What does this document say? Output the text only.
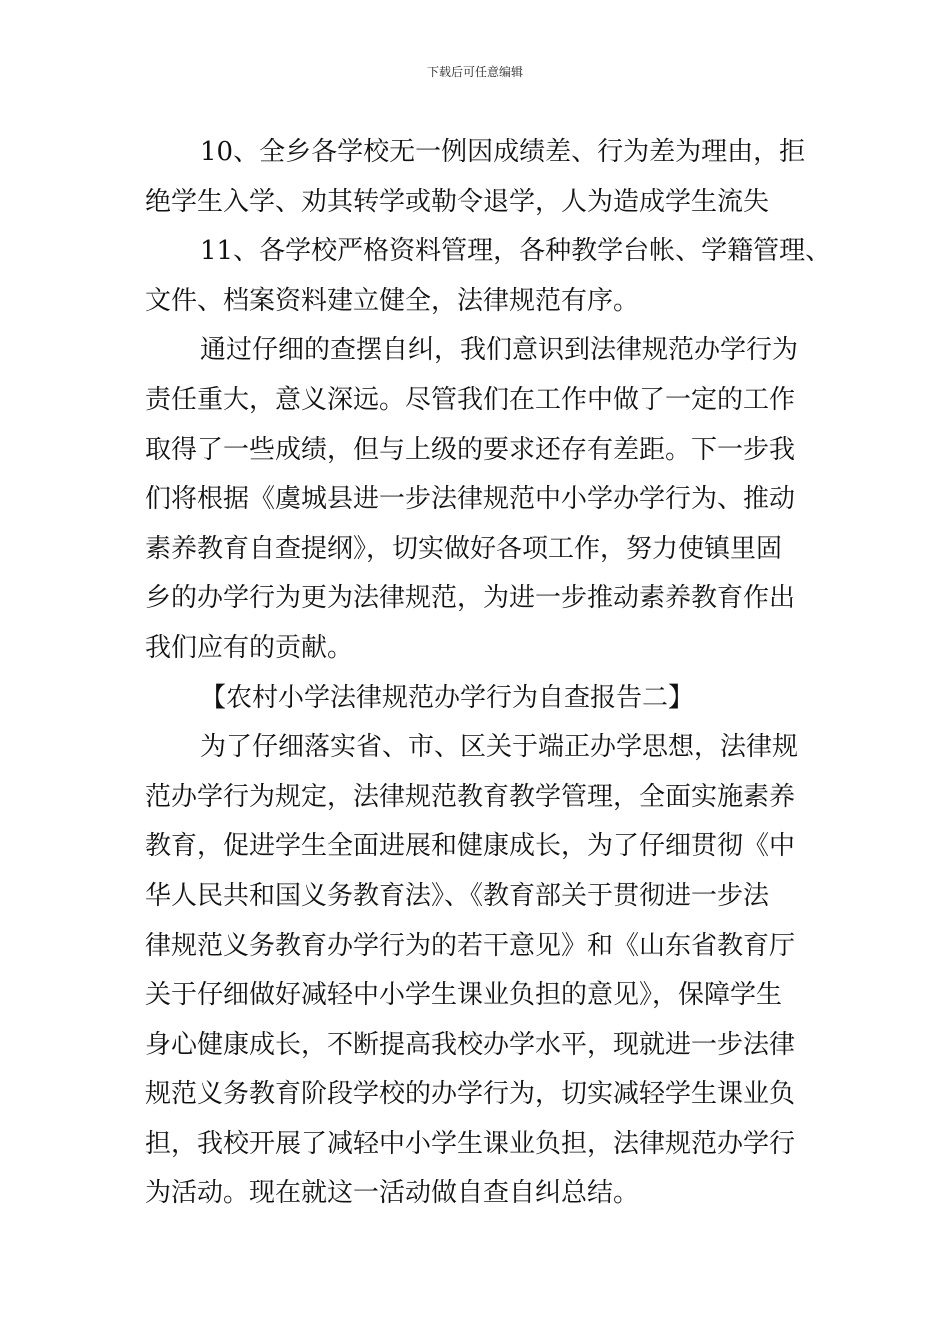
下载后可任意编辑
10、全乡各学校无一例因成绩差、行为差为理由，拒
绝学生入学、劝其转学或勒令退学，人为造成学生流失
11、各学校严格资料管理，各种教学台帐、学籍管理、
文件、档案资料建立健全，法律规范有序。
通过仔细的查摆自纠，我们意识到法律规范办学行为
责任重大，意义深远。尽管我们在工作中做了一定的工作
取得了一些成绩，但与上级的要求还存有差距。下一步我
们将根据《虞城县进一步法律规范中小学办学行为、推动
素养教育自查提纲》，切实做好各项工作，努力使镇里固
乡的办学行为更为法律规范，为进一步推动素养教育作出
我们应有的贡献。
【农村小学法律规范办学行为自查报告二】
为了仔细落实省、市、区关于端正办学思想，法律规
范办学行为规定，法律规范教育教学管理，全面实施素养
教育，促进学生全面进展和健康成长，为了仔细贯彻《中
华人民共和国义务教育法》、《教育部关于贯彻进一步法
律规范义务教育办学行为的若干意见》和《山东省教育厅
关于仔细做好减轻中小学生课业负担的意见》，保障学生
身心健康成长，不断提高我校办学水平，现就进一步法律
规范义务教育阶段学校的办学行为，切实减轻学生课业负
担，我校开展了减轻中小学生课业负担，法律规范办学行
为活动。现在就这一活动做自查自纠总结。
